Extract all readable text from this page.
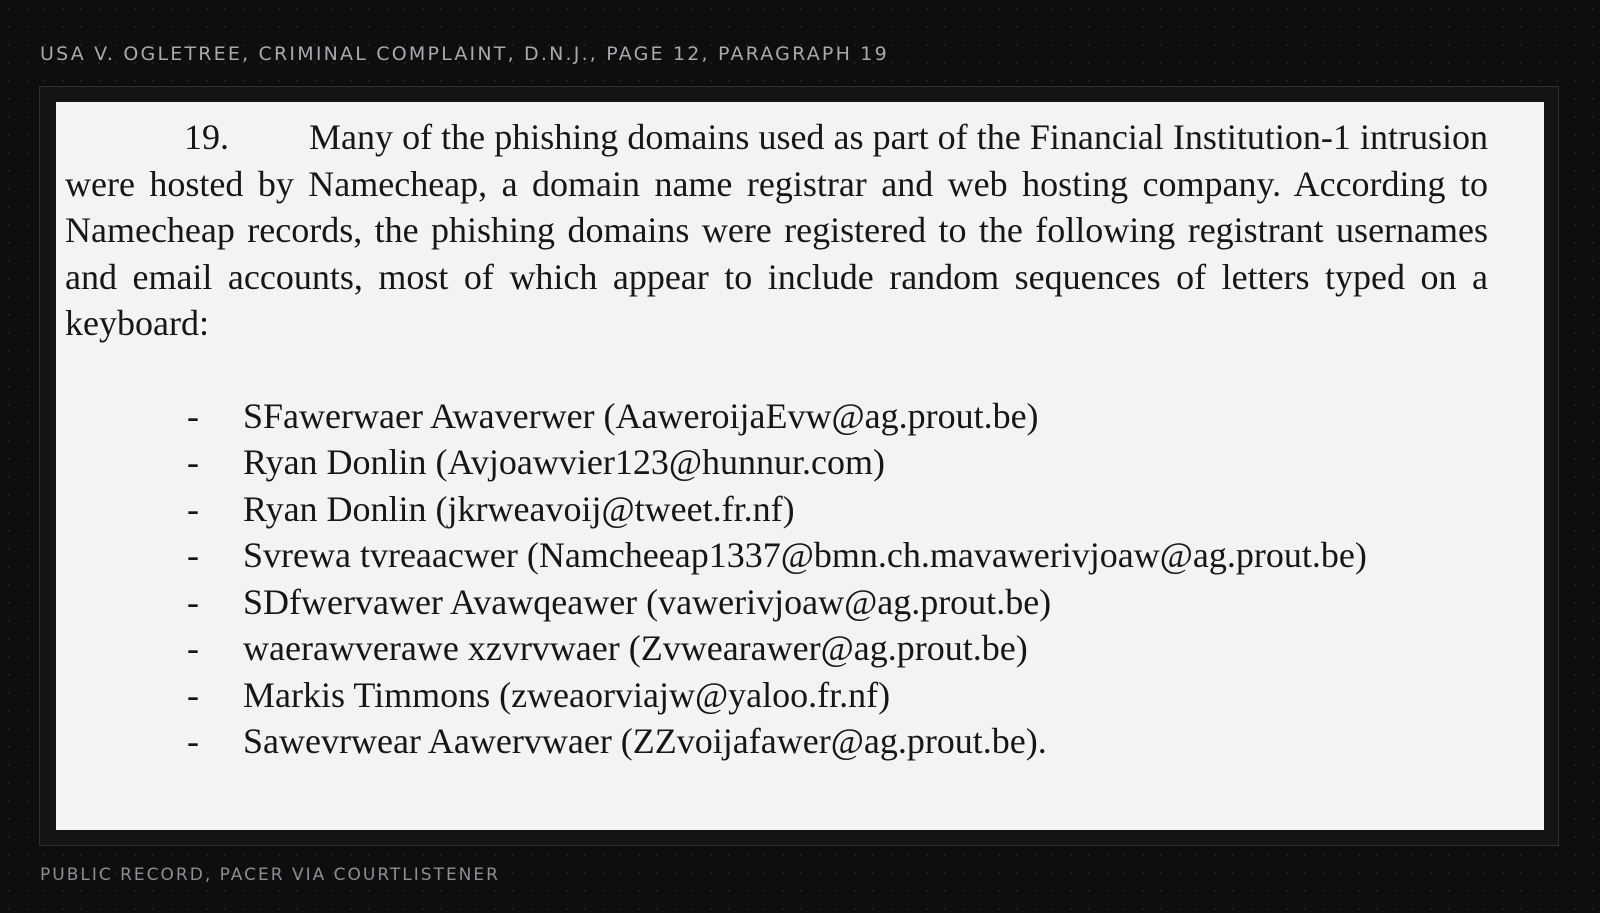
USA V. OGLETREE, CRIMINAL COMPLAINT, D.N.J., PAGE 12, PARAGRAPH 19

19. Many of the phishing domains used as part of the Financial Institution-1 intrusion were hosted by Namecheap, a domain name registrar and web hosting company. According to Namecheap records, the phishing domains were registered to the following registrant usernames and email accounts, most of which appear to include random sequences of letters typed on a keyboard:

-	SFawerwaer Awaverwer (AaweroijaEvw@ag.prout.be)
-	Ryan Donlin (Avjoawvier123@hunnur.com)
-	Ryan Donlin (jkrweavoij@tweet.fr.nf)
-	Svrewa tvreaacwer (Namcheeap1337@bmn.ch.mavawerivjoaw@ag.prout.be)
-	SDfwervawer Avawqeawer (vawerivjoaw@ag.prout.be)
-	waerawverawe xzvrvwaer (Zvwearawer@ag.prout.be)
-	Markis Timmons (zweaorviajw@yaloo.fr.nf)
-	Sawevrwear Aawervwaer (ZZvoijafawer@ag.prout.be).
PUBLIC RECORD, PACER VIA COURTLISTENER
